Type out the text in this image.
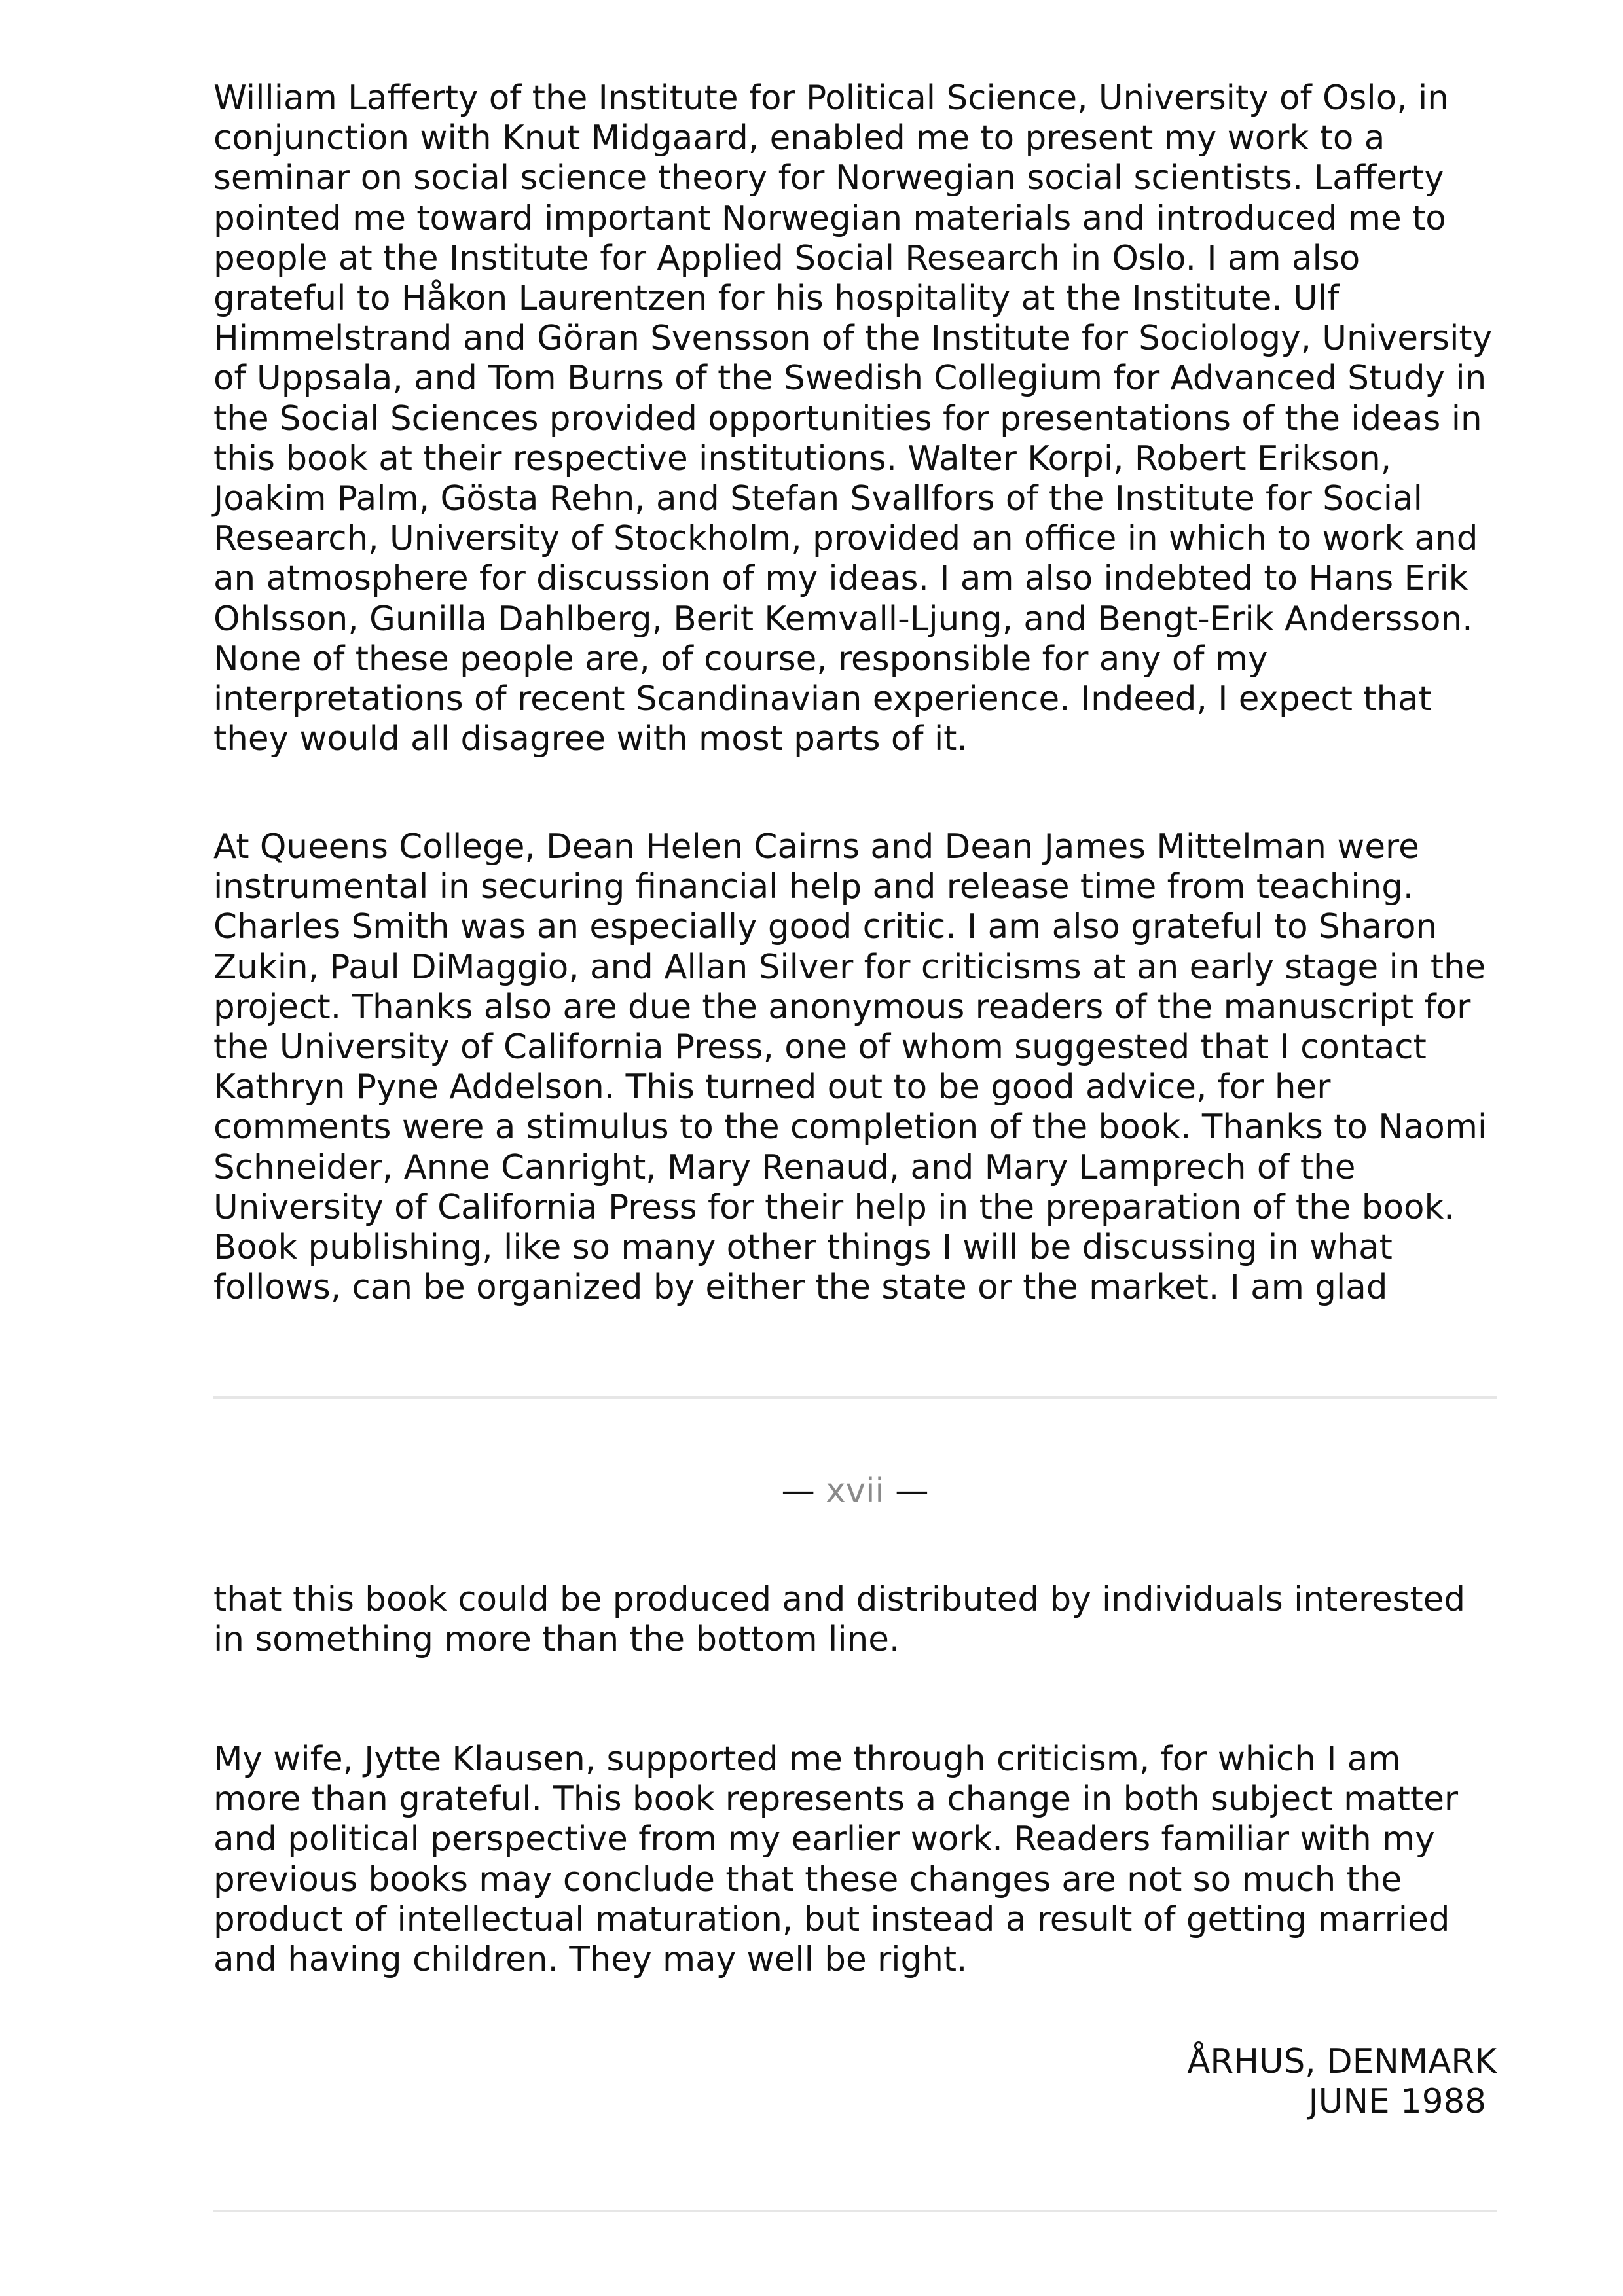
William Lafferty of the Institute for Political Science, University of Oslo, in conjunction with Knut Midgaard, enabled me to present my work to a seminar on social science theory for Norwegian social scientists. Lafferty pointed me toward important Norwegian materials and introduced me to people at the Institute for Applied Social Research in Oslo. I am also grateful to Håkon Laurentzen for his hospitality at the Institute. Ulf Himmelstrand and Göran Svensson of the Institute for Sociology, University of Uppsala, and Tom Burns of the Swedish Collegium for Advanced Study in the Social Sciences provided opportunities for presentations of the ideas in this book at their respective institutions. Walter Korpi, Robert Erikson, Joakim Palm, Gösta Rehn, and Stefan Svallfors of the Institute for Social Research, University of Stockholm, provided an office in which to work and an atmosphere for discussion of my ideas. I am also indebted to Hans Erik Ohlsson, Gunilla Dahlberg, Berit Kemvall-Ljung, and Bengt-Erik Andersson. None of these people are, of course, responsible for any of my interpretations of recent Scandinavian experience. Indeed, I expect that they would all disagree with most parts of it.

At Queens College, Dean Helen Cairns and Dean James Mittelman were instrumental in securing financial help and release time from teaching. Charles Smith was an especially good critic. I am also grateful to Sharon Zukin, Paul DiMaggio, and Allan Silver for criticisms at an early stage in the project. Thanks also are due the anonymous readers of the manuscript for the University of California Press, one of whom suggested that I contact Kathryn Pyne Addelson. This turned out to be good advice, for her comments were a stimulus to the completion of the book. Thanks to Naomi Schneider, Anne Canright, Mary Renaud, and Mary Lamprech of the University of California Press for their help in the preparation of the book. Book publishing, like so many other things I will be discussing in what follows, can be organized by either the state or the market. I am glad

— xvii —

that this book could be produced and distributed by individuals interested in something more than the bottom line.

My wife, Jytte Klausen, supported me through criticism, for which I am more than grateful. This book represents a change in both subject matter and political perspective from my earlier work. Readers familiar with my previous books may conclude that these changes are not so much the product of intellectual maturation, but instead a result of getting married and having children. They may well be right.

ÅRHUS, DENMARK
JUNE 1988
